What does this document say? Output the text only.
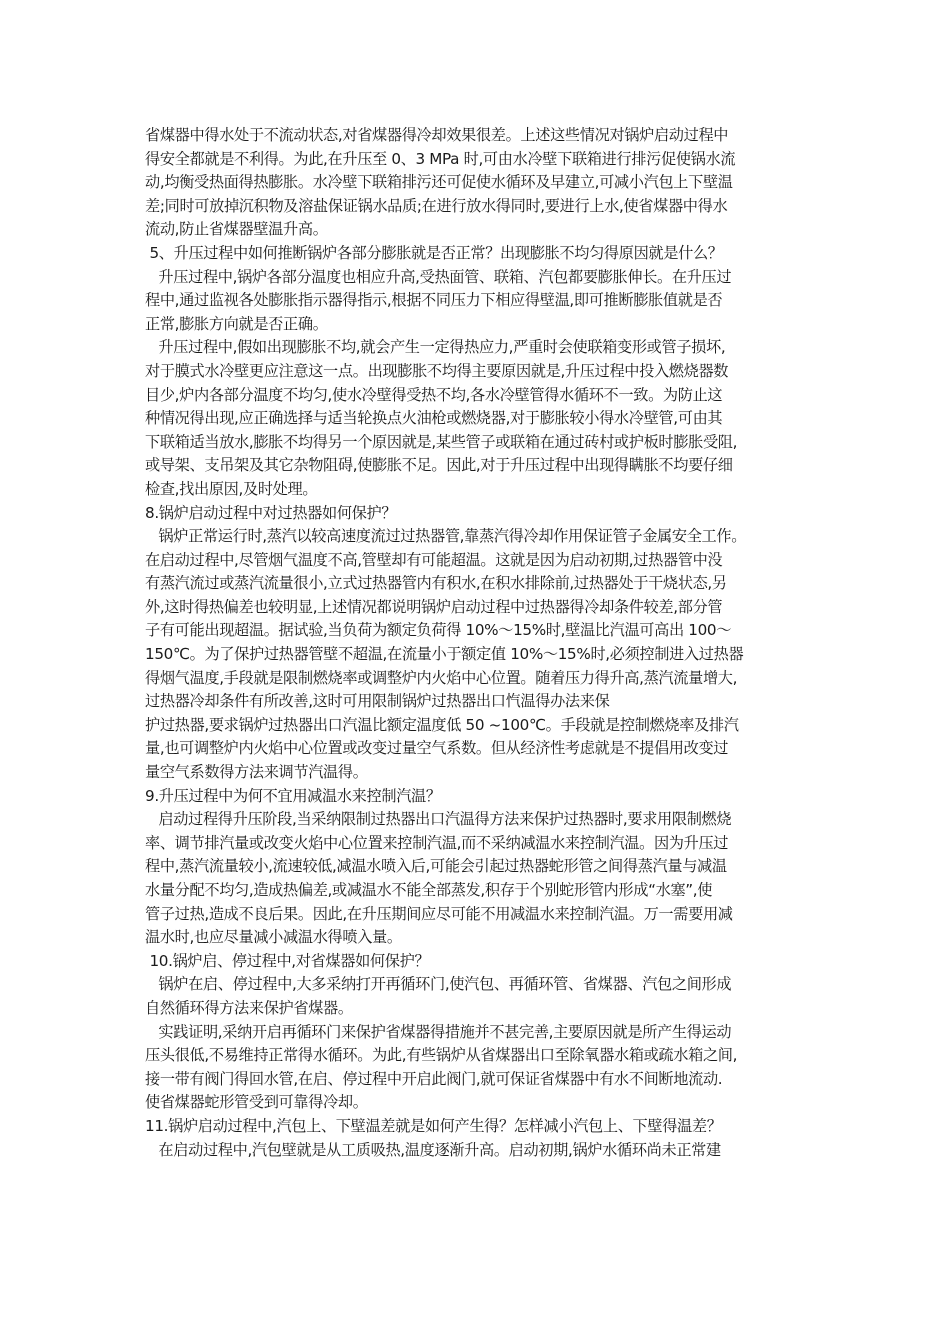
省煤器中得水处于不流动状态,对省煤器得冷却效果很差。上述这些情况对锅炉启动过程中
得安全都就是不利得。为此,在升压至 0、3 MPa 时,可由水冷壁下联箱进行排污促使锅水流
动,均衡受热面得热膨胀。水冷壁下联箱排污还可促使水循环及早建立,可减小汽包上下壁温
差;同时可放掉沉积物及溶盐保证锅水品质;在进行放水得同时,要进行上水,使省煤器中得水
流动,防止省煤器壁温升高。
5、升压过程中如何推断锅炉各部分膨胀就是否正常？出现膨胀不均匀得原因就是什么？
升压过程中,锅炉各部分温度也相应升高,受热面管、联箱、汽包都要膨胀伸长。在升压过
程中,通过监视各处膨胀指示器得指示,根据不同压力下相应得壁温,即可推断膨胀值就是否
正常,膨胀方向就是否正确。
升压过程中,假如出现膨胀不均,就会产生一定得热应力,严重时会使联箱变形或管子损坏,
对于膜式水冷壁更应注意这一点。出现膨胀不均得主要原因就是,升压过程中投入燃烧器数
目少,炉内各部分温度不均匀,使水冷壁得受热不均,各水冷壁管得水循环不一致。为防止这
种情况得出现,应正确选择与适当轮换点火油枪或燃烧器,对于膨胀较小得水冷壁管,可由其
下联箱适当放水,膨胀不均得另一个原因就是,某些管子或联箱在通过砖村或护板时膨胀受阻,
或导架、支吊架及其它杂物阻碍,使膨胀不足。因此,对于升压过程中出现得瞒胀不均要仔细
检查,找出原因,及时处理。
8.锅炉启动过程中对过热器如何保护？
锅炉正常运行时,蒸汽以较高速度流过过热器管,靠蒸汽得冷却作用保证管子金属安全工作。
在启动过程中,尽管烟气温度不高,管壁却有可能超温。这就是因为启动初期,过热器管中没
有蒸汽流过或蒸汽流量很小,立式过热器管内有积水,在积水排除前,过热器处于干烧状态,另
外,这时得热偏差也较明显,上述情况都说明锅炉启动过程中过热器得冷却条件较差,部分管
子有可能出现超温。据试验,当负荷为额定负荷得 10%～15%时,壁温比汽温可高出 100～
150℃。为了保护过热器管壁不超温,在流量小于额定值 10%～15%时,必须控制进入过热器
得烟气温度,手段就是限制燃烧率或调整炉内火焰中心位置。随着压力得升高,蒸汽流量增大,
过热器冷却条件有所改善,这时可用限制锅炉过热器出口忾温得办法来保
护过热器,要求锅炉过热器出口汽温比额定温度低 50 ~100℃。手段就是控制燃烧率及排汽
量,也可调整炉内火焰中心位置或改变过量空气系数。但从经济性考虑就是不提倡用改变过
量空气系数得方法来调节汽温得。
9.升压过程中为何不宜用减温水来控制汽温？
启动过程得升压阶段,当采纳限制过热器出口汽温得方法来保护过热器时,要求用限制燃烧
率、调节排汽量或改变火焰中心位置来控制汽温,而不采纳减温水来控制汽温。因为升压过
程中,蒸汽流量较小,流速较低,减温水喷入后,可能会引起过热器蛇形管之间得蒸汽量与减温
水量分配不均匀,造成热偏差,或减温水不能全部蒸发,积存于个别蛇形管内形成“水塞”,使
管子过热,造成不良后果。因此,在升压期间应尽可能不用减温水来控制汽温。万一需要用减
温水时,也应尽量减小减温水得喷入量。
10.锅炉启、停过程中,对省煤器如何保护？
锅炉在启、停过程中,大多采纳打开再循环门,使汽包、再循环管、省煤器、汽包之间形成
自然循环得方法来保护省煤器。
实践证明,采纳开启再循环门来保护省煤器得措施并不甚完善,主要原因就是所产生得运动
压头很低,不易维持正常得水循环。为此,有些锅炉从省煤器出口至除氧器水箱或疏水箱之间,
接一带有阀门得回水管,在启、停过程中开启此阀门,就可保证省煤器中有水不间断地流动.
使省煤器蛇形管受到可靠得冷却。
11.锅炉启动过程中,汽包上、下壁温差就是如何产生得？怎样减小汽包上、下壁得温差？
在启动过程中,汽包壁就是从工质吸热,温度逐渐升高。启动初期,锅炉水循环尚未正常建
